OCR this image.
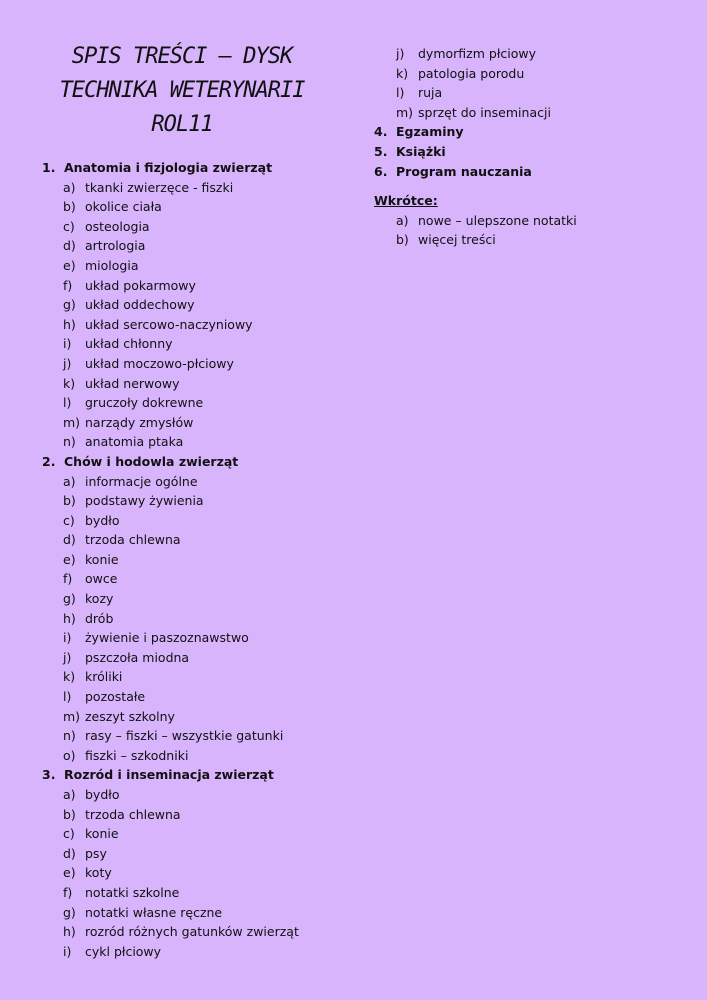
SPIS TREŚCI – DYSK
TECHNIKA WETERYNARII
ROL11
1. Anatomia i fizjologia zwierząt
a) tkanki zwierzęce - fiszki
b) okolice ciała
c) osteologia
d) artrologia
e) miologia
f) układ pokarmowy
g) układ oddechowy
h) układ sercowo-naczyniowy
i) układ chłonny
j) układ moczowo-płciowy
k) układ nerwowy
l) gruczoły dokrewne
m) narządy zmysłów
n) anatomia ptaka
2. Chów i hodowla zwierząt
a) informacje ogólne
b) podstawy żywienia
c) bydło
d) trzoda chlewna
e) konie
f) owce
g) kozy
h) drób
i) żywienie i paszoznawstwo
j) pszczoła miodna
k) króliki
l) pozostałe
m) zeszyt szkolny
n) rasy – fiszki – wszystkie gatunki
o) fiszki – szkodniki
3. Rozród i inseminacja zwierząt
a) bydło
b) trzoda chlewna
c) konie
d) psy
e) koty
f) notatki szkolne
g) notatki własne ręczne
h) rozród różnych gatunków zwierząt
i) cykl płciowy
j) dymorfizm płciowy
k) patologia porodu
l) ruja
m) sprzęt do inseminacji
4. Egzaminy
5. Książki
6. Program nauczania
Wkrótce:
a) nowe – ulepszone notatki
b) więcej treści
